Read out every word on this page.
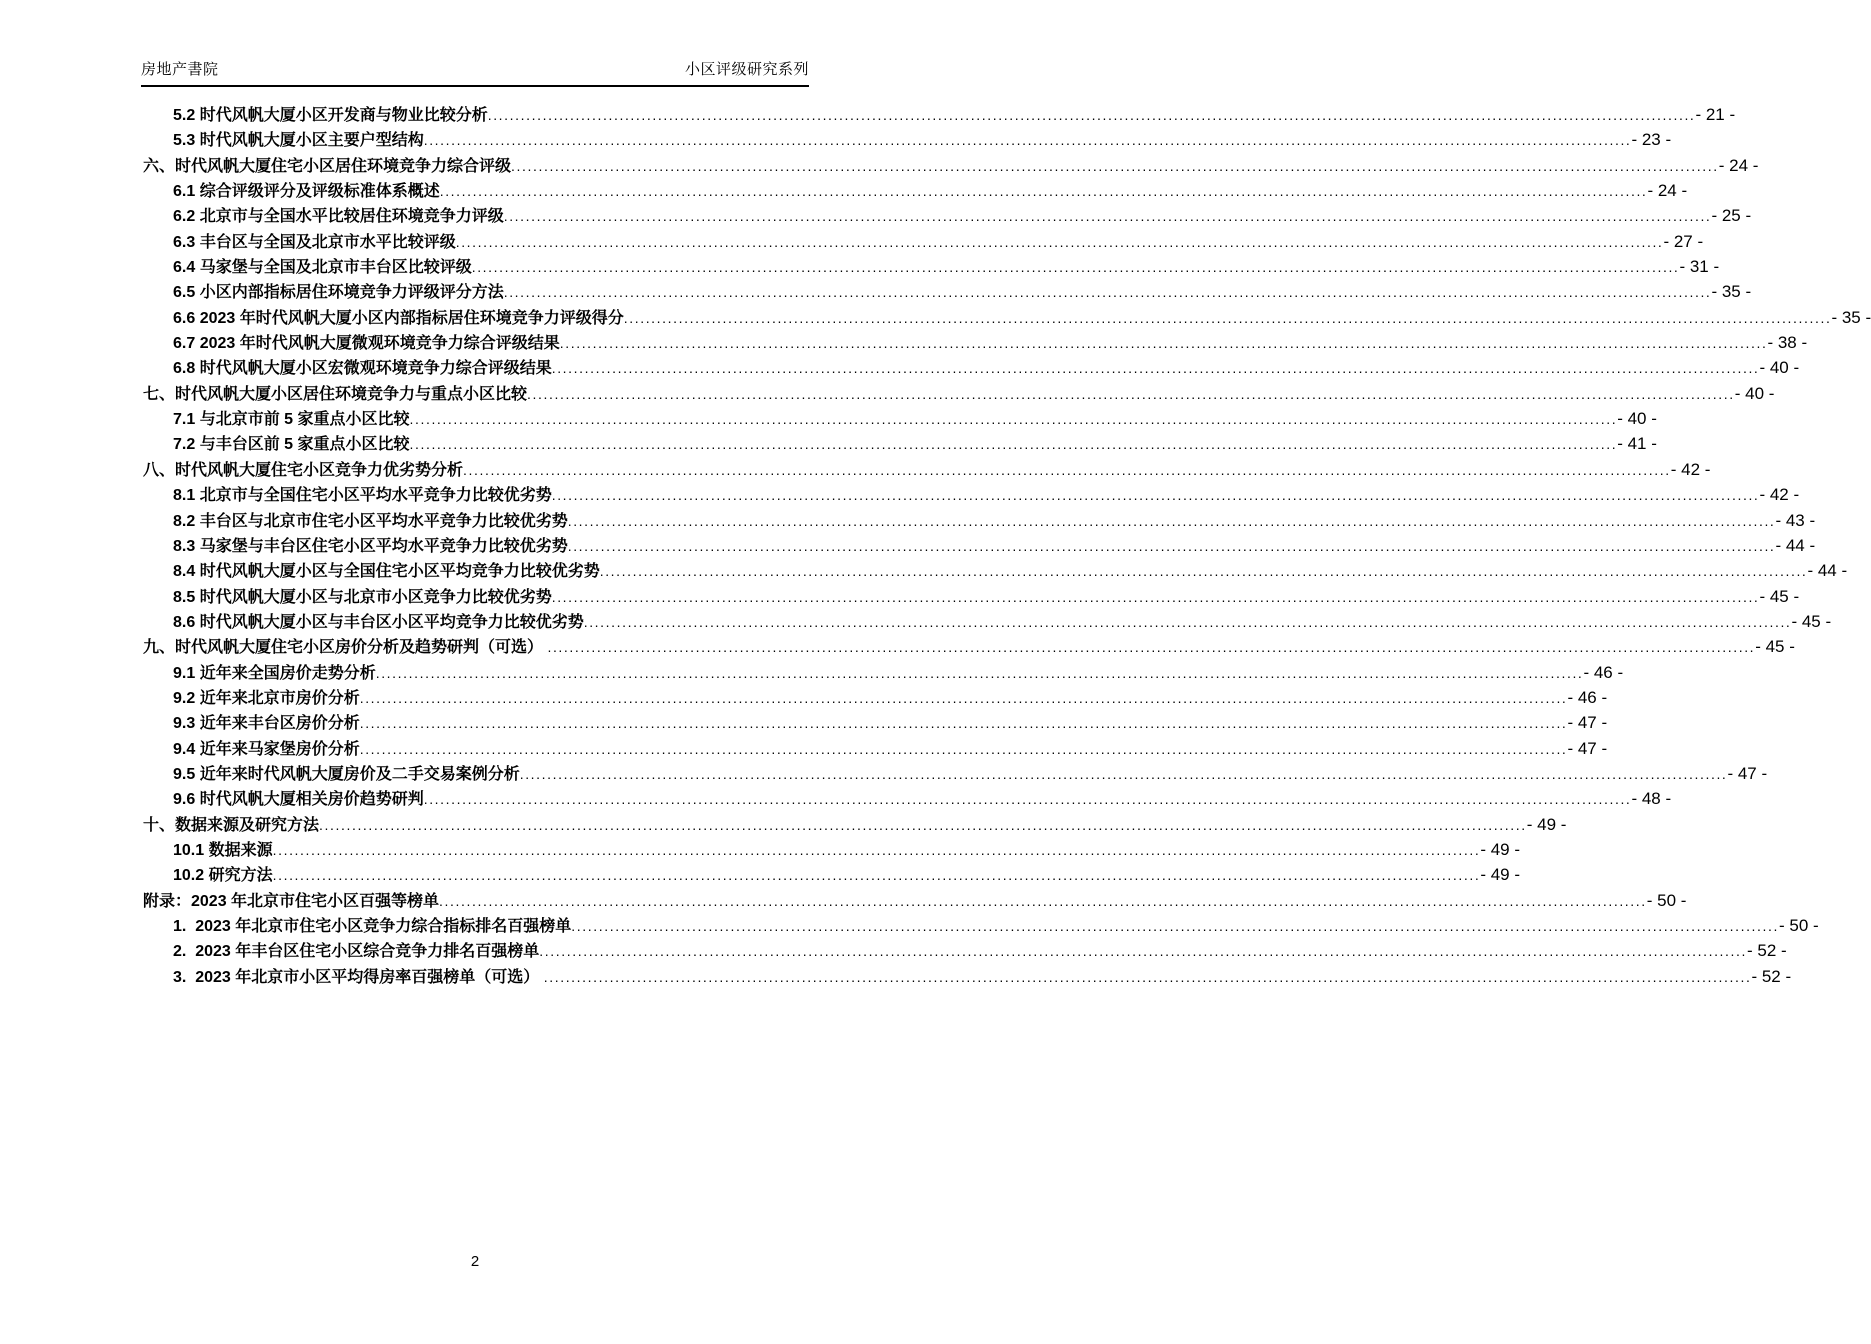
房地产書院	小区评级研究系列
5.2 时代风帆大厦小区开发商与物业比较分析 ............................................................................................................................................................................................................................ - 21 -
5.3 时代风帆大厦小区主要户型结构 ............................................................................................................................................................................................................................ - 23 -
六、时代风帆大厦住宅小区居住环境竞争力综合评级 ............................................................................................................................................................................................................................ - 24 -
6.1 综合评级评分及评级标准体系概述 ............................................................................................................................................................................................................................ - 24 -
6.2 北京市与全国水平比较居住环境竞争力评级 ............................................................................................................................................................................................................................ - 25 -
6.3 丰台区与全国及北京市水平比较评级 ............................................................................................................................................................................................................................ - 27 -
6.4 马家堡与全国及北京市丰台区比较评级 ............................................................................................................................................................................................................................ - 31 -
6.5 小区内部指标居住环境竞争力评级评分方法 ............................................................................................................................................................................................................................ - 35 -
6.6 2023 年时代风帆大厦小区内部指标居住环境竞争力评级得分 ............................................................................................................................................................................................................................ - 35 -
6.7 2023 年时代风帆大厦微观环境竞争力综合评级结果 ............................................................................................................................................................................................................................ - 38 -
6.8 时代风帆大厦小区宏微观环境竞争力综合评级结果 ............................................................................................................................................................................................................................ - 40 -
七、时代风帆大厦小区居住环境竞争力与重点小区比较 ............................................................................................................................................................................................................................ - 40 -
7.1 与北京市前 5 家重点小区比较 ............................................................................................................................................................................................................................ - 40 -
7.2 与丰台区前 5 家重点小区比较 ............................................................................................................................................................................................................................ - 41 -
八、时代风帆大厦住宅小区竞争力优劣势分析 ............................................................................................................................................................................................................................ - 42 -
8.1 北京市与全国住宅小区平均水平竞争力比较优劣势 ............................................................................................................................................................................................................................ - 42 -
8.2 丰台区与北京市住宅小区平均水平竞争力比较优劣势 ............................................................................................................................................................................................................................ - 43 -
8.3 马家堡与丰台区住宅小区平均水平竞争力比较优劣势 ............................................................................................................................................................................................................................ - 44 -
8.4 时代风帆大厦小区与全国住宅小区平均竞争力比较优劣势 ............................................................................................................................................................................................................................ - 44 -
8.5 时代风帆大厦小区与北京市小区竞争力比较优劣势 ............................................................................................................................................................................................................................ - 45 -
8.6 时代风帆大厦小区与丰台区小区平均竞争力比较优劣势 ............................................................................................................................................................................................................................ - 45 -
九、时代风帆大厦住宅小区房价分析及趋势研判（可选） ............................................................................................................................................................................................................................ - 45 -
9.1 近年来全国房价走势分析 ............................................................................................................................................................................................................................ - 46 -
9.2 近年来北京市房价分析 ............................................................................................................................................................................................................................ - 46 -
9.3 近年来丰台区房价分析 ............................................................................................................................................................................................................................ - 47 -
9.4 近年来马家堡房价分析 ............................................................................................................................................................................................................................ - 47 -
9.5 近年来时代风帆大厦房价及二手交易案例分析 ............................................................................................................................................................................................................................ - 47 -
9.6 时代风帆大厦相关房价趋势研判 ............................................................................................................................................................................................................................ - 48 -
十、数据来源及研究方法 ............................................................................................................................................................................................................................ - 49 -
10.1 数据来源 ............................................................................................................................................................................................................................ - 49 -
10.2 研究方法 ............................................................................................................................................................................................................................ - 49 -
附录：2023 年北京市住宅小区百强等榜单 ............................................................................................................................................................................................................................ - 50 -
1.  2023 年北京市住宅小区竞争力综合指标排名百强榜单 ............................................................................................................................................................................................................................ - 50 -
2.  2023 年丰台区住宅小区综合竞争力排名百强榜单 ............................................................................................................................................................................................................................ - 52 -
3.  2023 年北京市小区平均得房率百强榜单（可选） ............................................................................................................................................................................................................................ - 52 -
2
